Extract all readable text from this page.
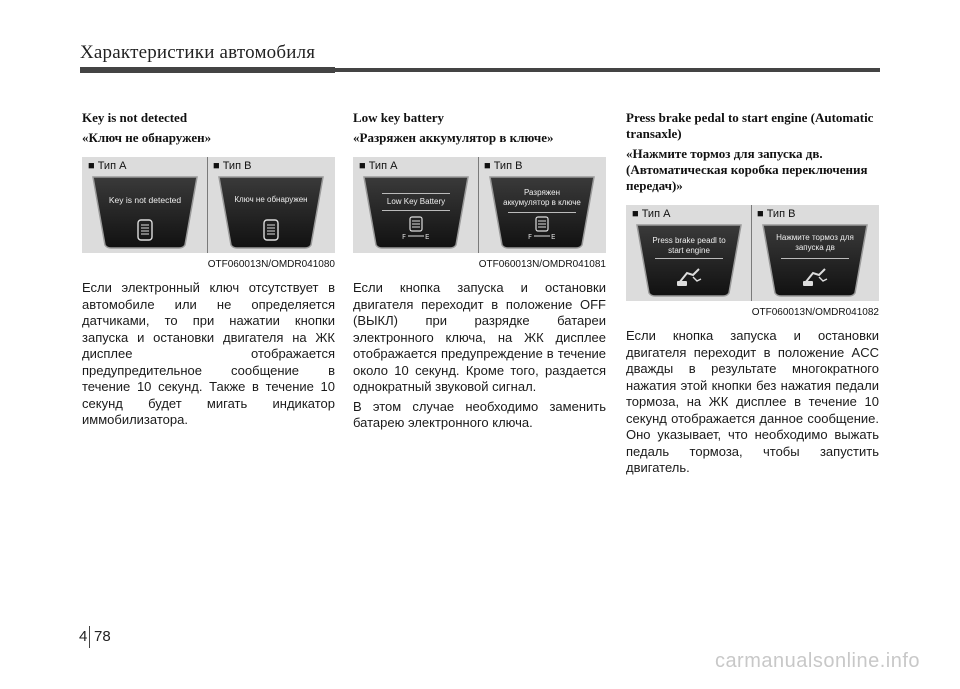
Характеристики автомобиля
Key is not detected
«Ключ не обнаружен»
■ Тип A	■ Тип B
Key is not detected	Ключ не обнаружен
OTF060013N/OMDR041080
Если электронный ключ отсутствует в автомобиле или не определяется датчиками, то при нажатии кнопки запуска и остановки двигателя на ЖК дисплее отображается предупредительное сообщение в течение 10 секунд. Также в течение 10 секунд будет мигать индикатор иммобилизатора.
Low key battery
«Разряжен аккумулятор в ключе»
■ Тип A	■ Тип B
Low Key Battery
F	E
Разряжен аккумулятор в ключе
F	E
OTF060013N/OMDR041081
Если кнопка запуска и остановки двигателя переходит в положение OFF (ВЫКЛ) при разрядке батареи электронного ключа, на ЖК дисплее отображается предупреждение в течение около 10 секунд. Кроме того, раздается однократный звуковой сигнал.
В этом случае необходимо заменить батарею электронного ключа.
Press brake pedal to start engine (Automatic transaxle)
«Нажмите тормоз для запуска дв. (Автоматическая коробка переключения передач)»
■ Тип A	■ Тип B
Press brake peadl to start engine
Нажмите тормоз для запуска дв
OTF060013N/OMDR041082
Если кнопка запуска и остановки двигателя переходит в положение ACC дважды в результате многократного нажатия этой кнопки без нажатия педали тормоза, на ЖК дисплее в течение 10 секунд отображается данное сообщение. Оно указывает, что необходимо выжать педаль тормоза, чтобы запустить двигатель.
4 78
carmanualsonline.info
